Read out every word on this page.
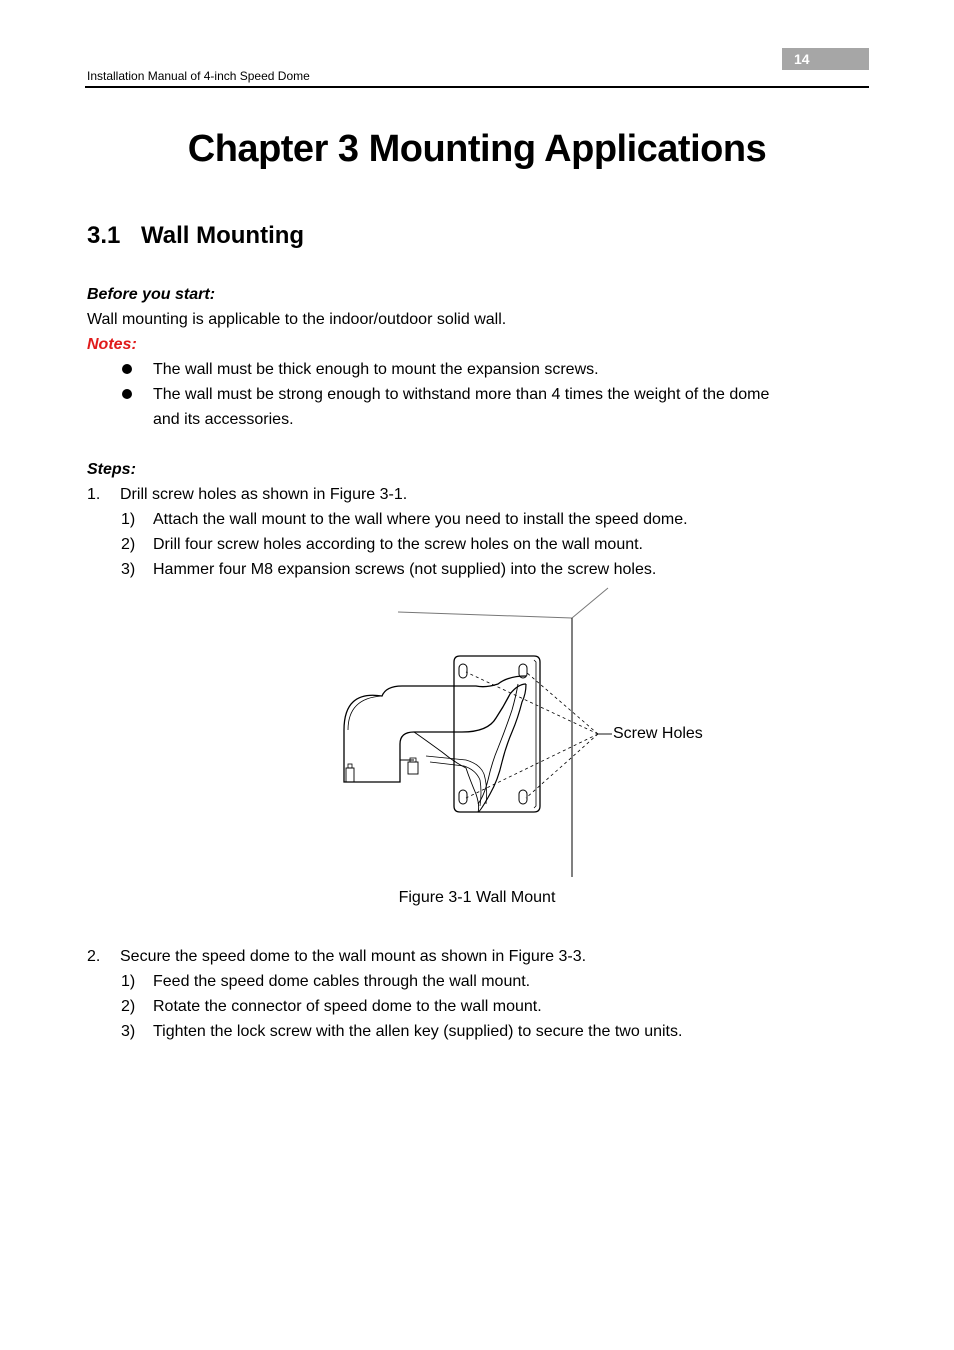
14
Installation Manual of 4-inch Speed Dome
Chapter 3 Mounting Applications
3.1 Wall Mounting
Before you start:
Wall mounting is applicable to the indoor/outdoor solid wall.
Notes:
The wall must be thick enough to mount the expansion screws.
The wall must be strong enough to withstand more than 4 times the weight of the dome
and its accessories.
Steps:
1. Drill screw holes as shown in Figure 3-1.
1) Attach the wall mount to the wall where you need to install the speed dome.
2) Drill four screw holes according to the screw holes on the wall mount.
3) Hammer four M8 expansion screws (not supplied) into the screw holes.
Screw Holes
Figure 3-1 Wall Mount
2. Secure the speed dome to the wall mount as shown in Figure 3-3.
1) Feed the speed dome cables through the wall mount.
2) Rotate the connector of speed dome to the wall mount.
3) Tighten the lock screw with the allen key (supplied) to secure the two units.
